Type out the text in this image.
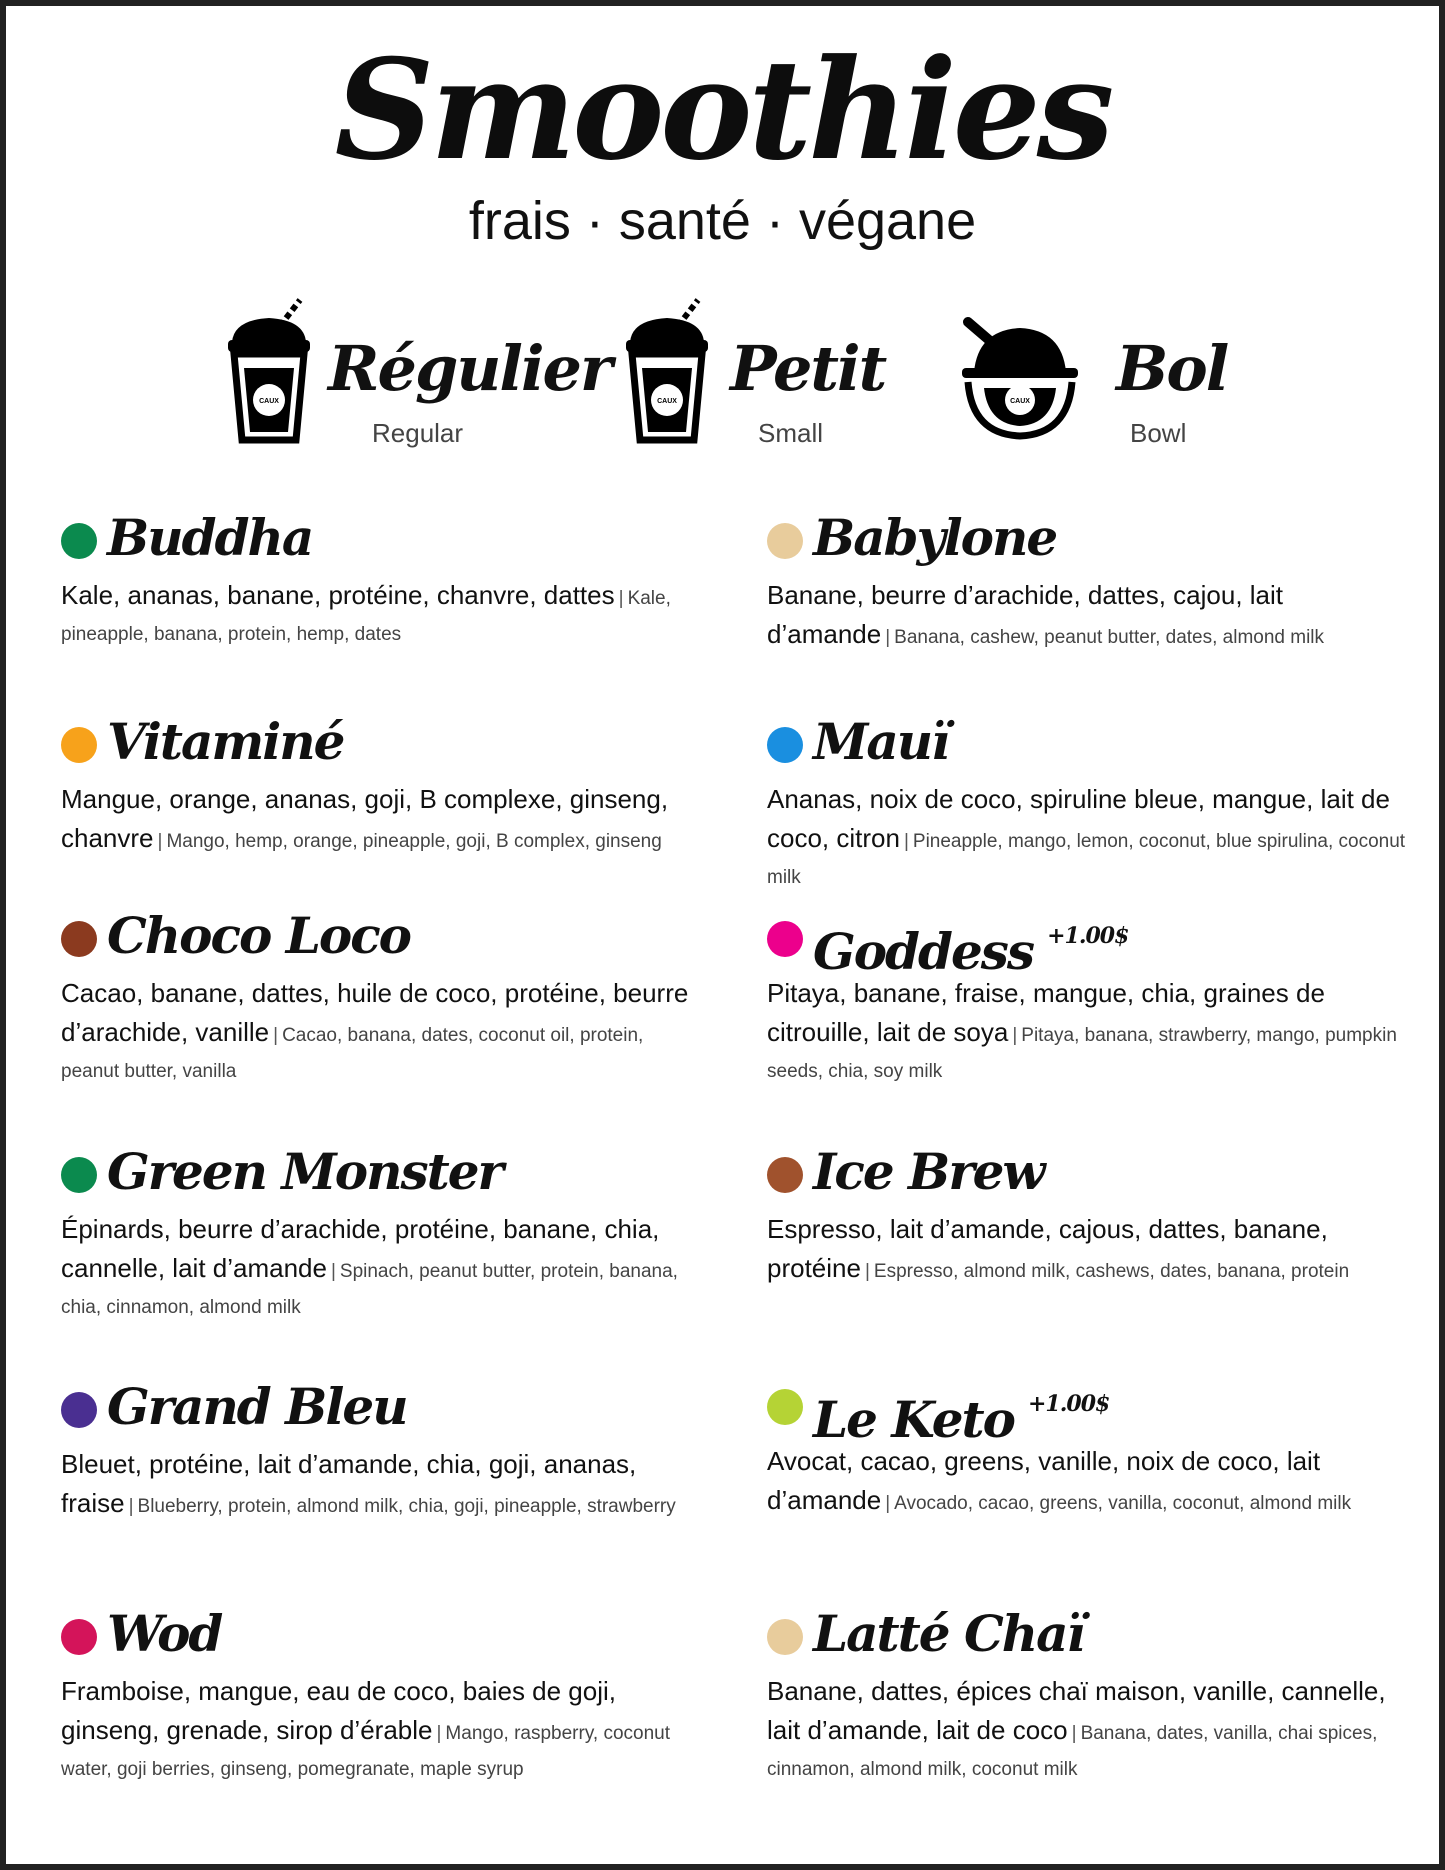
Smoothies
frais · santé · végane
CAUX Régulier
Regular
CAUX Petit
Small
CAUX Bol
Bowl
Buddha
Kale, ananas, banane, protéine, chanvre, dattes | Kale, pineapple, banana, protein, hemp, dates
Vitaminé
Mangue, orange, ananas, goji, B complexe, ginseng, chanvre | Mango, hemp, orange, pineapple, goji, B complex, ginseng
Choco Loco
Cacao, banane, dattes, huile de coco, protéine, beurre d’arachide, vanille | Cacao, banana, dates, coconut oil, protein, peanut butter, vanilla
Green Monster
Épinards, beurre d’arachide, protéine, banane, chia, cannelle, lait d’amande | Spinach, peanut butter, protein, banana, chia, cinnamon, almond milk
Grand Bleu
Bleuet, protéine, lait d’amande, chia, goji, ananas, fraise | Blueberry, protein, almond milk, chia, goji, pineapple, strawberry
Wod
Framboise, mangue, eau de coco, baies de goji, ginseng, grenade, sirop d’érable | Mango, raspberry, coconut water, goji berries, ginseng, pomegranate, maple syrup
Babylone
Banane, beurre d’arachide, dattes, cajou, lait d’amande | Banana, cashew, peanut butter, dates, almond milk
Mauï
Ananas, noix de coco, spiruline bleue, mangue, lait de coco, citron | Pineapple, mango, lemon, coconut, blue spirulina, coconut milk
Goddess $^{+1.00\$}$
Pitaya, banane, fraise, mangue, chia, graines de citrouille, lait de soya | Pitaya, banana, strawberry, mango, pumpkin seeds, chia, soy milk
Ice Brew
Espresso, lait d’amande, cajous, dattes, banane, protéine | Espresso, almond milk, cashews, dates, banana, protein
Le Keto $^{+1.00\$}$
Avocat, cacao, greens, vanille, noix de coco, lait d’amande | Avocado, cacao, greens, vanilla, coconut, almond milk
Latté Chaï
Banane, dattes, épices chaï maison, vanille, cannelle, lait d’amande, lait de coco | Banana, dates, vanilla, chai spices, cinnamon, almond milk, coconut milk
